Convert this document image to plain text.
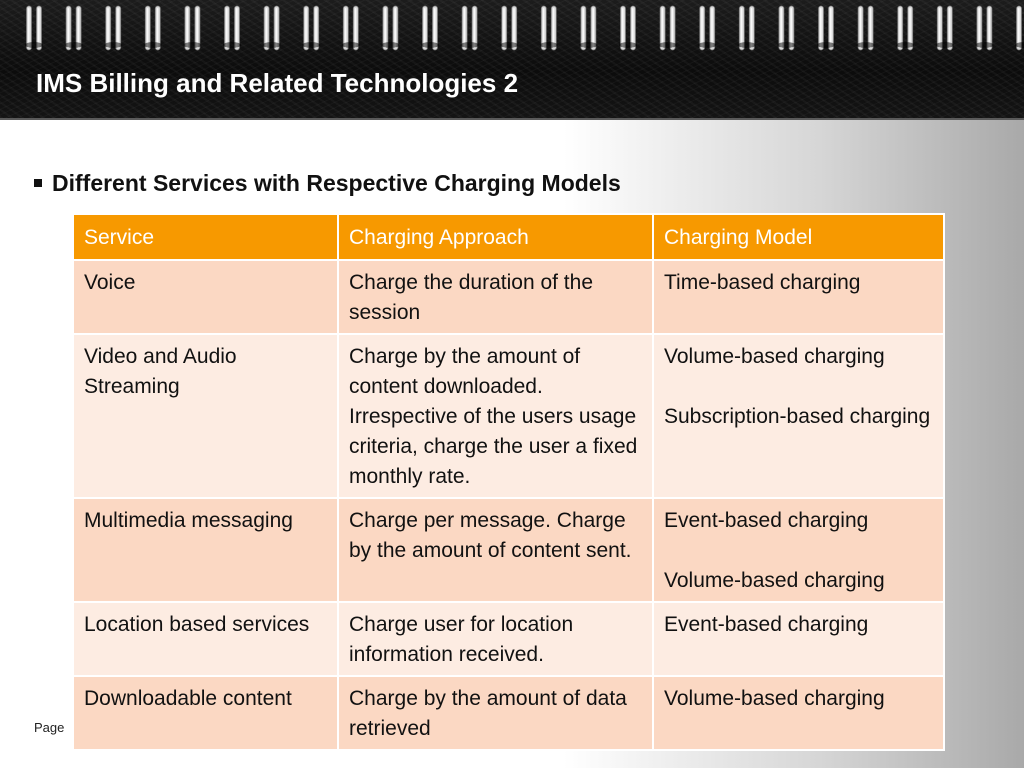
IMS Billing and Related Technologies 2
Different Services with Respective Charging Models
Service	Charging Approach	Charging Model
Voice	Charge the duration of the session	Time-based charging

Video and Audio Streaming	Charge by the amount of content downloaded. Irrespective of the users usage criteria, charge the user a fixed monthly rate.	Volume-based charging
Subscription-based charging

Multimedia messaging	Charge per message. Charge by the amount of content sent.	Event-based charging
Volume-based charging

Location based services	Charge user for location information received.	Event-based charging

Downloadable content	Charge by the amount of data retrieved	Volume-based charging
Page
